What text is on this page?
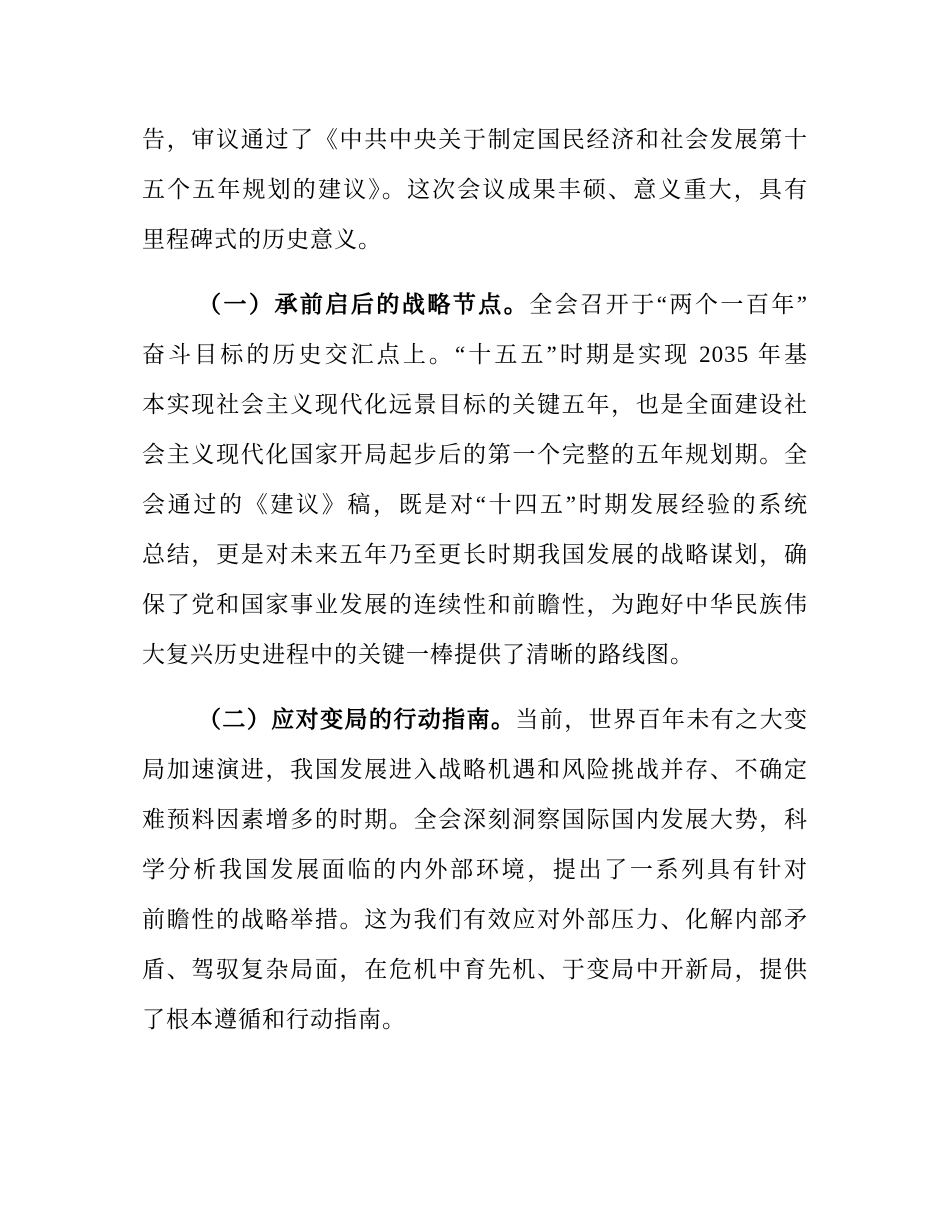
告，审议通过了《中共中央关于制定国民经济和社会发展第十
五个五年规划的建议》。这次会议成果丰硕、意义重大，具有
里程碑式的历史意义。
（一）承前启后的战略节点。全会召开于“两个一百年”
奋斗目标的历史交汇点上。“十五五”时期是实现 2035 年基
本实现社会主义现代化远景目标的关键五年，也是全面建设社
会主义现代化国家开局起步后的第一个完整的五年规划期。全
会通过的《建议》稿，既是对“十四五”时期发展经验的系统
总结，更是对未来五年乃至更长时期我国发展的战略谋划，确
保了党和国家事业发展的连续性和前瞻性，为跑好中华民族伟
大复兴历史进程中的关键一棒提供了清晰的路线图。
（二）应对变局的行动指南。当前，世界百年未有之大变
局加速演进，我国发展进入战略机遇和风险挑战并存、不确定
难预料因素增多的时期。全会深刻洞察国际国内发展大势，科
学分析我国发展面临的内外部环境，提出了一系列具有针对
前瞻性的战略举措。这为我们有效应对外部压力、化解内部矛
盾、驾驭复杂局面，在危机中育先机、于变局中开新局，提供
了根本遵循和行动指南。
